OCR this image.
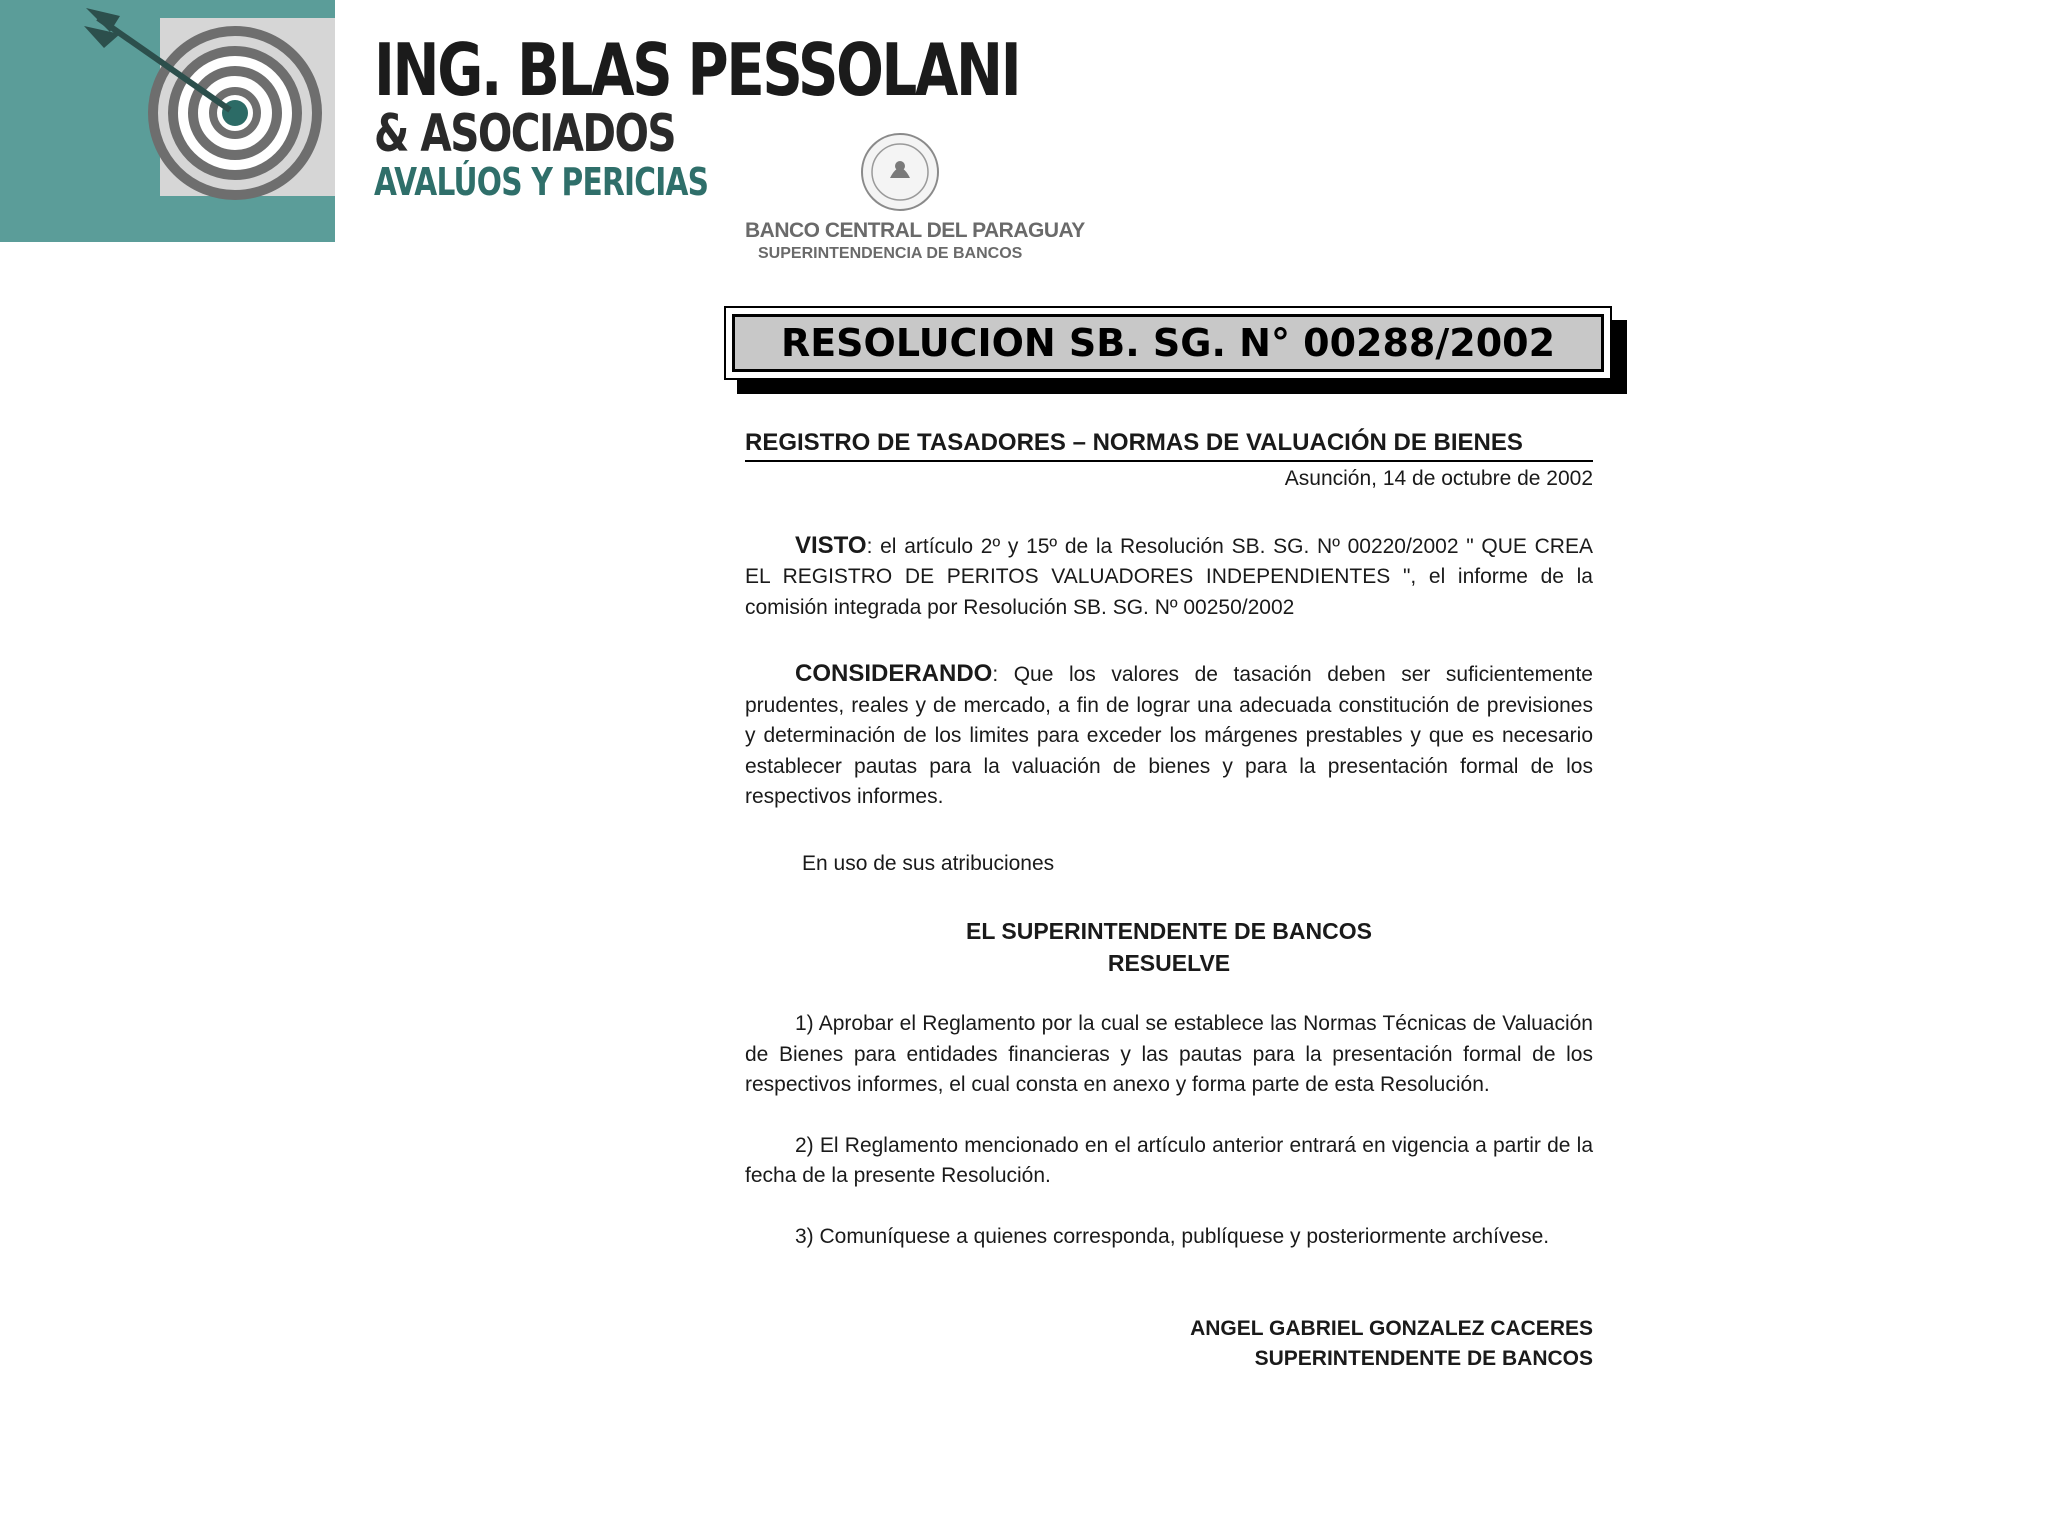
ING. BLAS PESSOLANI
& ASOCIADOS
AVALÚOS Y PERICIAS
BANCO CENTRAL DEL PARAGUAY
SUPERINTENDENCIA DE BANCOS
RESOLUCION SB. SG. N° 00288/2002
REGISTRO DE TASADORES – NORMAS DE VALUACIÓN DE BIENES
Asunción, 14 de octubre de 2002

VISTO: el artículo 2º y 15º de la Resolución SB. SG. Nº 00220/2002 " QUE CREA EL REGISTRO DE PERITOS VALUADORES INDEPENDIENTES ", el informe de la comisión integrada por Resolución SB. SG. Nº 00250/2002

CONSIDERANDO: Que los valores de tasación deben ser suficientemente prudentes, reales y de mercado, a fin de lograr una adecuada constitución de previsiones y determinación de los limites para exceder los márgenes prestables y que es necesario establecer pautas para la valuación de bienes y para la presentación formal de los respectivos informes.

En uso de sus atribuciones
EL SUPERINTENDENTE DE BANCOS
RESUELVE

1) Aprobar el Reglamento por la cual se establece las Normas Técnicas de Valuación de Bienes para entidades financieras y las pautas para la presentación formal de los respectivos informes, el cual consta en anexo y forma parte de esta Resolución.

2) El Reglamento mencionado en el artículo anterior entrará en vigencia a partir de la fecha de la presente Resolución.

3) Comuníquese a quienes corresponda, publíquese y posteriormente archívese.

ANGEL GABRIEL GONZALEZ CACERES
SUPERINTENDENTE DE BANCOS
